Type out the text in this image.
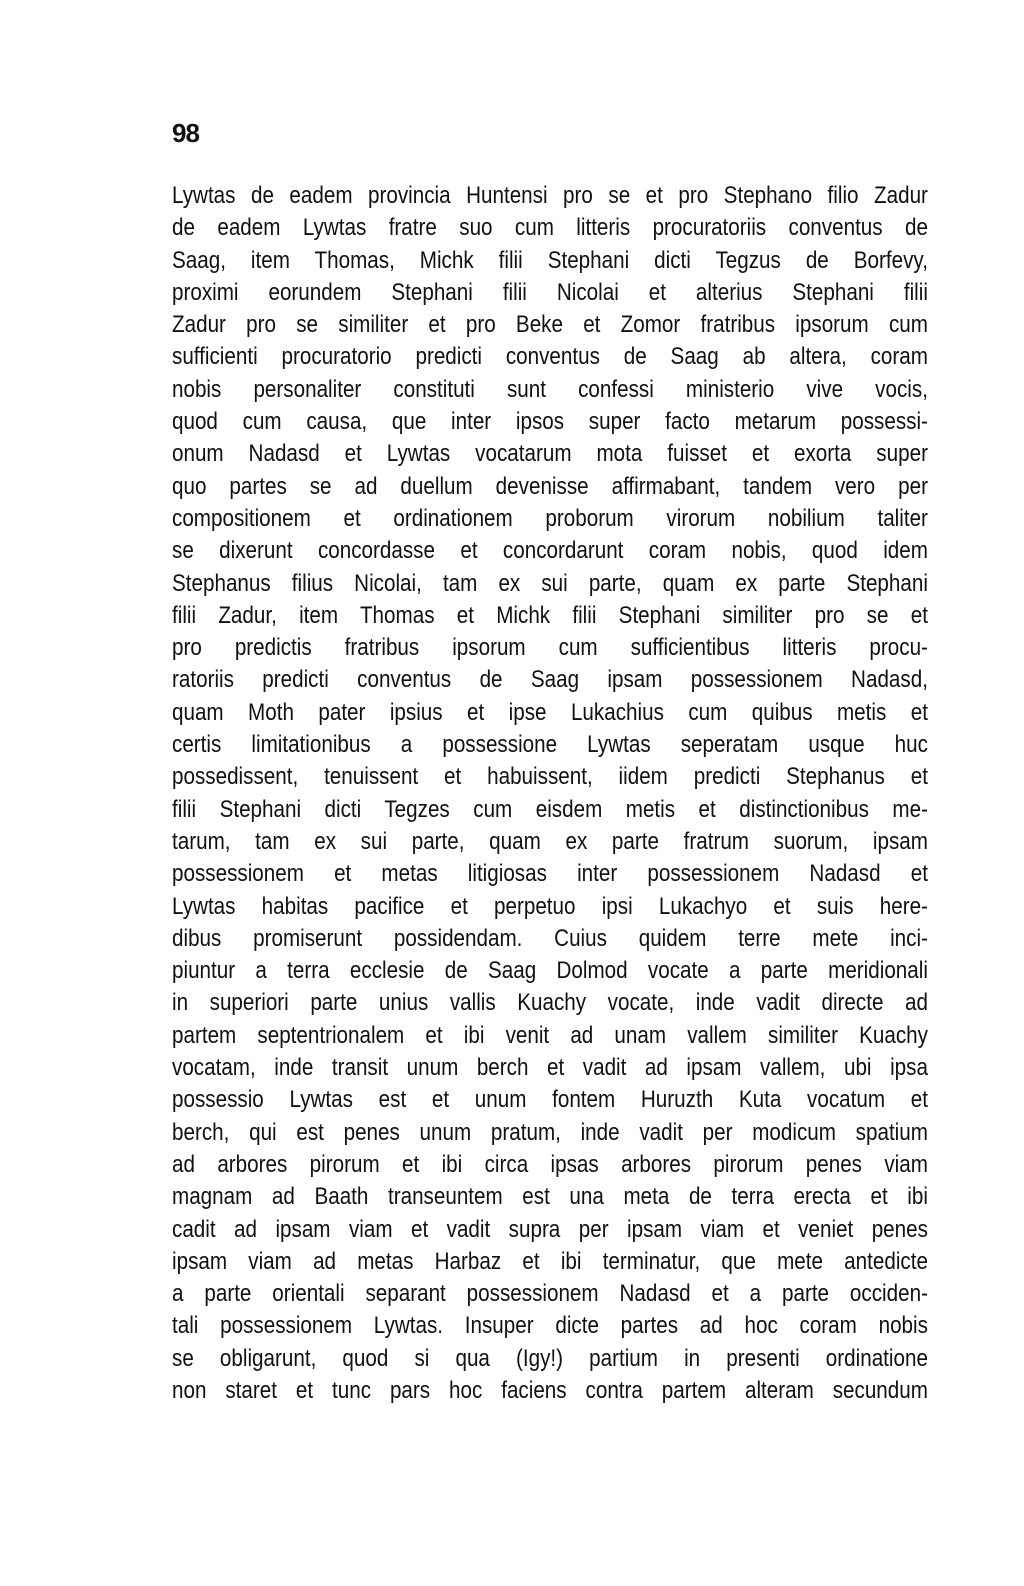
98
Lywtas de eadem provincia Huntensi pro se et pro Stephano filio Zadur
de eadem Lywtas fratre suo cum litteris procuratoriis conventus de
Saag, item Thomas, Michk filii Stephani dicti Tegzus de Borfevy,
proximi eorundem Stephani filii Nicolai et alterius Stephani filii
Zadur pro se similiter et pro Beke et Zomor fratribus ipsorum cum
sufficienti procuratorio predicti conventus de Saag ab altera, coram
nobis personaliter constituti sunt confessi ministerio vive vocis,
quod cum causa, que inter ipsos super facto metarum possessi-
onum Nadasd et Lywtas vocatarum mota fuisset et exorta super
quo partes se ad duellum devenisse affirmabant, tandem vero per
compositionem et ordinationem proborum virorum nobilium taliter
se dixerunt concordasse et concordarunt coram nobis, quod idem
Stephanus filius Nicolai, tam ex sui parte, quam ex parte Stephani
filii Zadur, item Thomas et Michk filii Stephani similiter pro se et
pro predictis fratribus ipsorum cum sufficientibus litteris procu-
ratoriis predicti conventus de Saag ipsam possessionem Nadasd,
quam Moth pater ipsius et ipse Lukachius cum quibus metis et
certis limitationibus a possessione Lywtas seperatam usque huc
possedissent, tenuissent et habuissent, iidem predicti Stephanus et
filii Stephani dicti Tegzes cum eisdem metis et distinctionibus me-
tarum, tam ex sui parte, quam ex parte fratrum suorum, ipsam
possessionem et metas litigiosas inter possessionem Nadasd et
Lywtas habitas pacifice et perpetuo ipsi Lukachyo et suis here-
dibus promiserunt possidendam. Cuius quidem terre mete inci-
piuntur a terra ecclesie de Saag Dolmod vocate a parte meridionali
in superiori parte unius vallis Kuachy vocate, inde vadit directe ad
partem septentrionalem et ibi venit ad unam vallem similiter Kuachy
vocatam, inde transit unum berch et vadit ad ipsam vallem, ubi ipsa
possessio Lywtas est et unum fontem Huruzth Kuta vocatum et
berch, qui est penes unum pratum, inde vadit per modicum spatium
ad arbores pirorum et ibi circa ipsas arbores pirorum penes viam
magnam ad Baath transeuntem est una meta de terra erecta et ibi
cadit ad ipsam viam et vadit supra per ipsam viam et veniet penes
ipsam viam ad metas Harbaz et ibi terminatur, que mete antedicte
a parte orientali separant possessionem Nadasd et a parte occiden-
tali possessionem Lywtas. Insuper dicte partes ad hoc coram nobis
se obligarunt, quod si qua (Igy!) partium in presenti ordinatione
non staret et tunc pars hoc faciens contra partem alteram secundum
